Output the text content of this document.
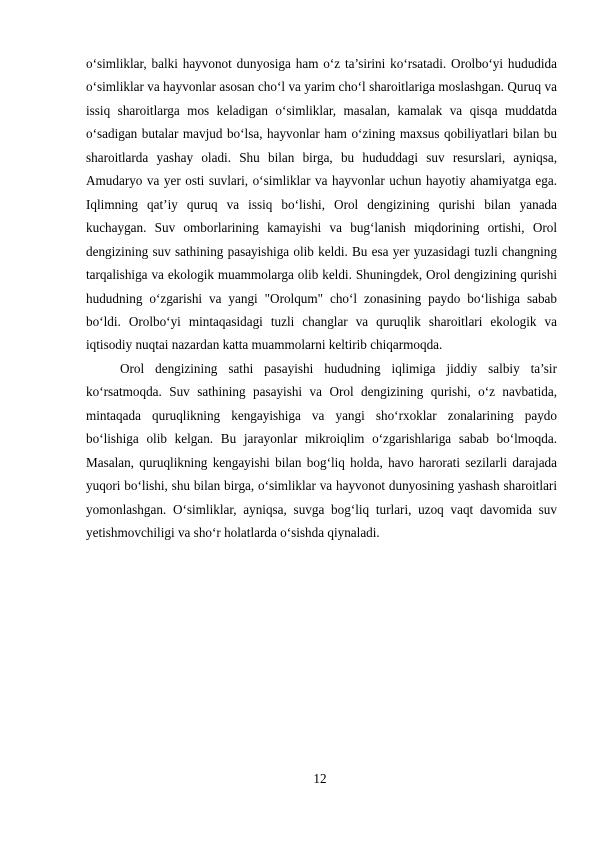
o‘simliklar, balki hayvonot dunyosiga ham o‘z ta’sirini ko‘rsatadi. Orolbo‘yi hududida o‘simliklar va hayvonlar asosan cho‘l va yarim cho‘l sharoitlariga moslashgan. Quruq va issiq sharoitlarga mos keladigan o‘simliklar, masalan, kamalak va qisqa muddatda o‘sadigan butalar mavjud bo‘lsa, hayvonlar ham o‘zining maxsus qobiliyatlari bilan bu sharoitlarda yashay oladi. Shu bilan birga, bu hududdagi suv resurslari, ayniqsa, Amudaryo va yer osti suvlari, o‘simliklar va hayvonlar uchun hayotiy ahamiyatga ega. Iqlimning qat’iy quruq va issiq bo‘lishi, Orol dengizining qurishi bilan yanada kuchaygan. Suv omborlarining kamayishi va bug‘lanish miqdorining ortishi, Orol dengizining suv sathining pasayishiga olib keldi. Bu esa yer yuzasidagi tuzli changning tarqalishiga va ekologik muammolarga olib keldi. Shuningdek, Orol dengizining qurishi hududning o‘zgarishi va yangi "Orolqum" cho‘l zonasining paydo bo‘lishiga sabab bo‘ldi. Orolbo‘yi mintaqasidagi tuzli changlar va quruqlik sharoitlari ekologik va iqtisodiy nuqtai nazardan katta muammolarni keltirib chiqarmoqda.

Orol dengizining sathi pasayishi hududning iqlimiga jiddiy salbiy ta’sir ko‘rsatmoqda. Suv sathining pasayishi va Orol dengizining qurishi, o‘z navbatida, mintaqada quruqlikning kengayishiga va yangi sho‘rxoklar zonalarining paydo bo‘lishiga olib kelgan. Bu jarayonlar mikroiqlim o‘zgarishlariga sabab bo‘lmoqda. Masalan, quruqlikning kengayishi bilan bog‘liq holda, havo harorati sezilarli darajada yuqori bo‘lishi, shu bilan birga, o‘simliklar va hayvonot dunyosining yashash sharoitlari yomonlashgan. O‘simliklar, ayniqsa, suvga bog‘liq turlari, uzoq vaqt davomida suv yetishmovchiligi va sho‘r holatlarda o‘sishda qiynaladi.

12
